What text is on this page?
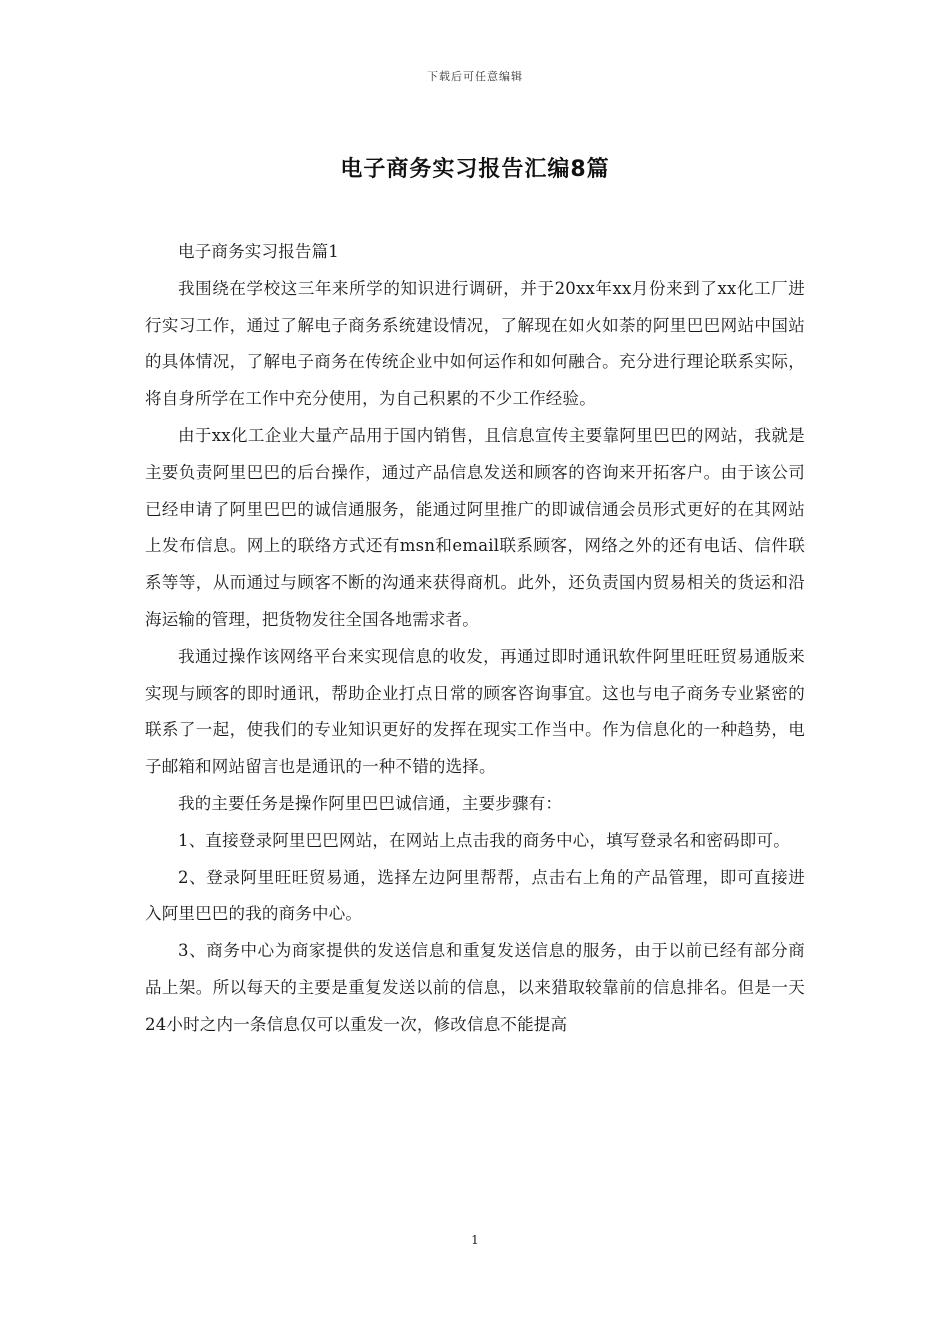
下载后可任意编辑
电子商务实习报告汇编8篇

电子商务实习报告篇1

我围绕在学校这三年来所学的知识进行调研，并于20xx年xx月份来到了xx化工厂进行实习工作，通过了解电子商务系统建设情况，了解现在如火如荼的阿里巴巴网站中国站的具体情况，了解电子商务在传统企业中如何运作和如何融合。充分进行理论联系实际，将自身所学在工作中充分使用，为自己积累的不少工作经验。

由于xx化工企业大量产品用于国内销售，且信息宣传主要靠阿里巴巴的网站，我就是主要负责阿里巴巴的后台操作，通过产品信息发送和顾客的咨询来开拓客户。由于该公司已经申请了阿里巴巴的诚信通服务，能通过阿里推广的即诚信通会员形式更好的在其网站上发布信息。网上的联络方式还有msn和email联系顾客，网络之外的还有电话、信件联系等等，从而通过与顾客不断的沟通来获得商机。此外，还负责国内贸易相关的货运和沿海运输的管理，把货物发往全国各地需求者。

我通过操作该网络平台来实现信息的收发，再通过即时通讯软件阿里旺旺贸易通版来实现与顾客的即时通讯，帮助企业打点日常的顾客咨询事宜。这也与电子商务专业紧密的联系了一起，使我们的专业知识更好的发挥在现实工作当中。作为信息化的一种趋势，电子邮箱和网站留言也是通讯的一种不错的选择。

我的主要任务是操作阿里巴巴诚信通，主要步骤有：

1、直接登录阿里巴巴网站，在网站上点击我的商务中心，填写登录名和密码即可。

2、登录阿里旺旺贸易通，选择左边阿里帮帮，点击右上角的产品管理，即可直接进入阿里巴巴的我的商务中心。

3、商务中心为商家提供的发送信息和重复发送信息的服务，由于以前已经有部分商品上架。所以每天的主要是重复发送以前的信息，以来猎取较靠前的信息排名。但是一天24小时之内一条信息仅可以重发一次，修改信息不能提高

1
